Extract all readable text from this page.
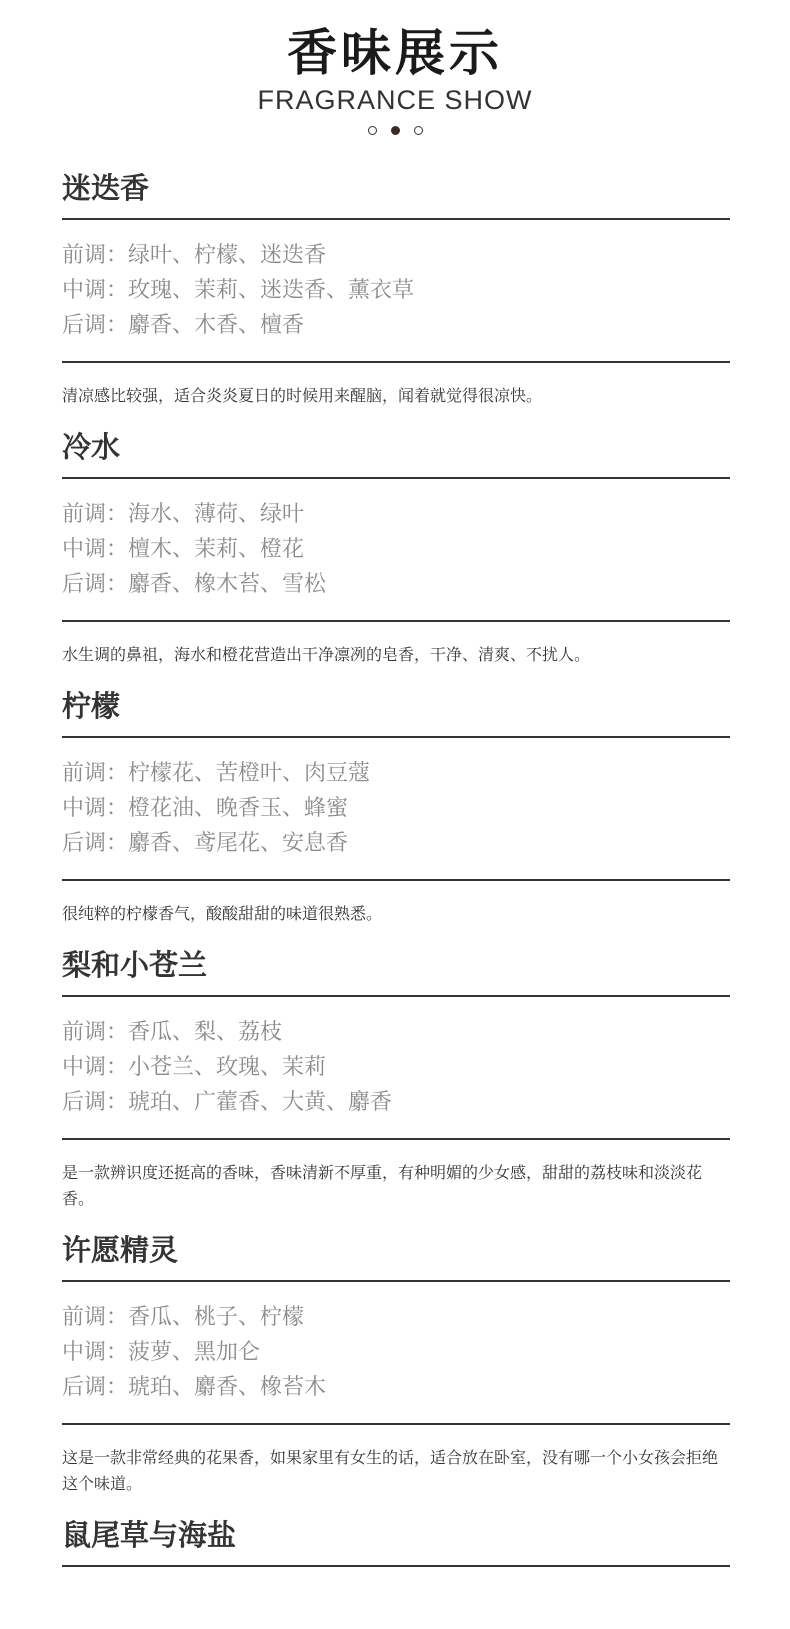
香味展示
FRAGRANCE SHOW
迷迭香
前调：绿叶、柠檬、迷迭香
中调：玫瑰、茉莉、迷迭香、薰衣草
后调：麝香、木香、檀香
清凉感比较强，适合炎炎夏日的时候用来醒脑，闻着就觉得很凉快。
冷水
前调：海水、薄荷、绿叶
中调：檀木、茉莉、橙花
后调：麝香、橡木苔、雪松
水生调的鼻祖，海水和橙花营造出干净凛冽的皂香，干净、清爽、不扰人。
柠檬
前调：柠檬花、苦橙叶、肉豆蔻
中调：橙花油、晚香玉、蜂蜜
后调：麝香、鸢尾花、安息香
很纯粹的柠檬香气，酸酸甜甜的味道很熟悉。
梨和小苍兰
前调：香瓜、梨、荔枝
中调：小苍兰、玫瑰、茉莉
后调：琥珀、广藿香、大黄、麝香
是一款辨识度还挺高的香味，香味清新不厚重，有种明媚的少女感，甜甜的荔枝味和淡淡花香。
许愿精灵
前调：香瓜、桃子、柠檬
中调：菠萝、黑加仑
后调：琥珀、麝香、橡苔木
这是一款非常经典的花果香，如果家里有女生的话，适合放在卧室，没有哪一个小女孩会拒绝这个味道。
鼠尾草与海盐
